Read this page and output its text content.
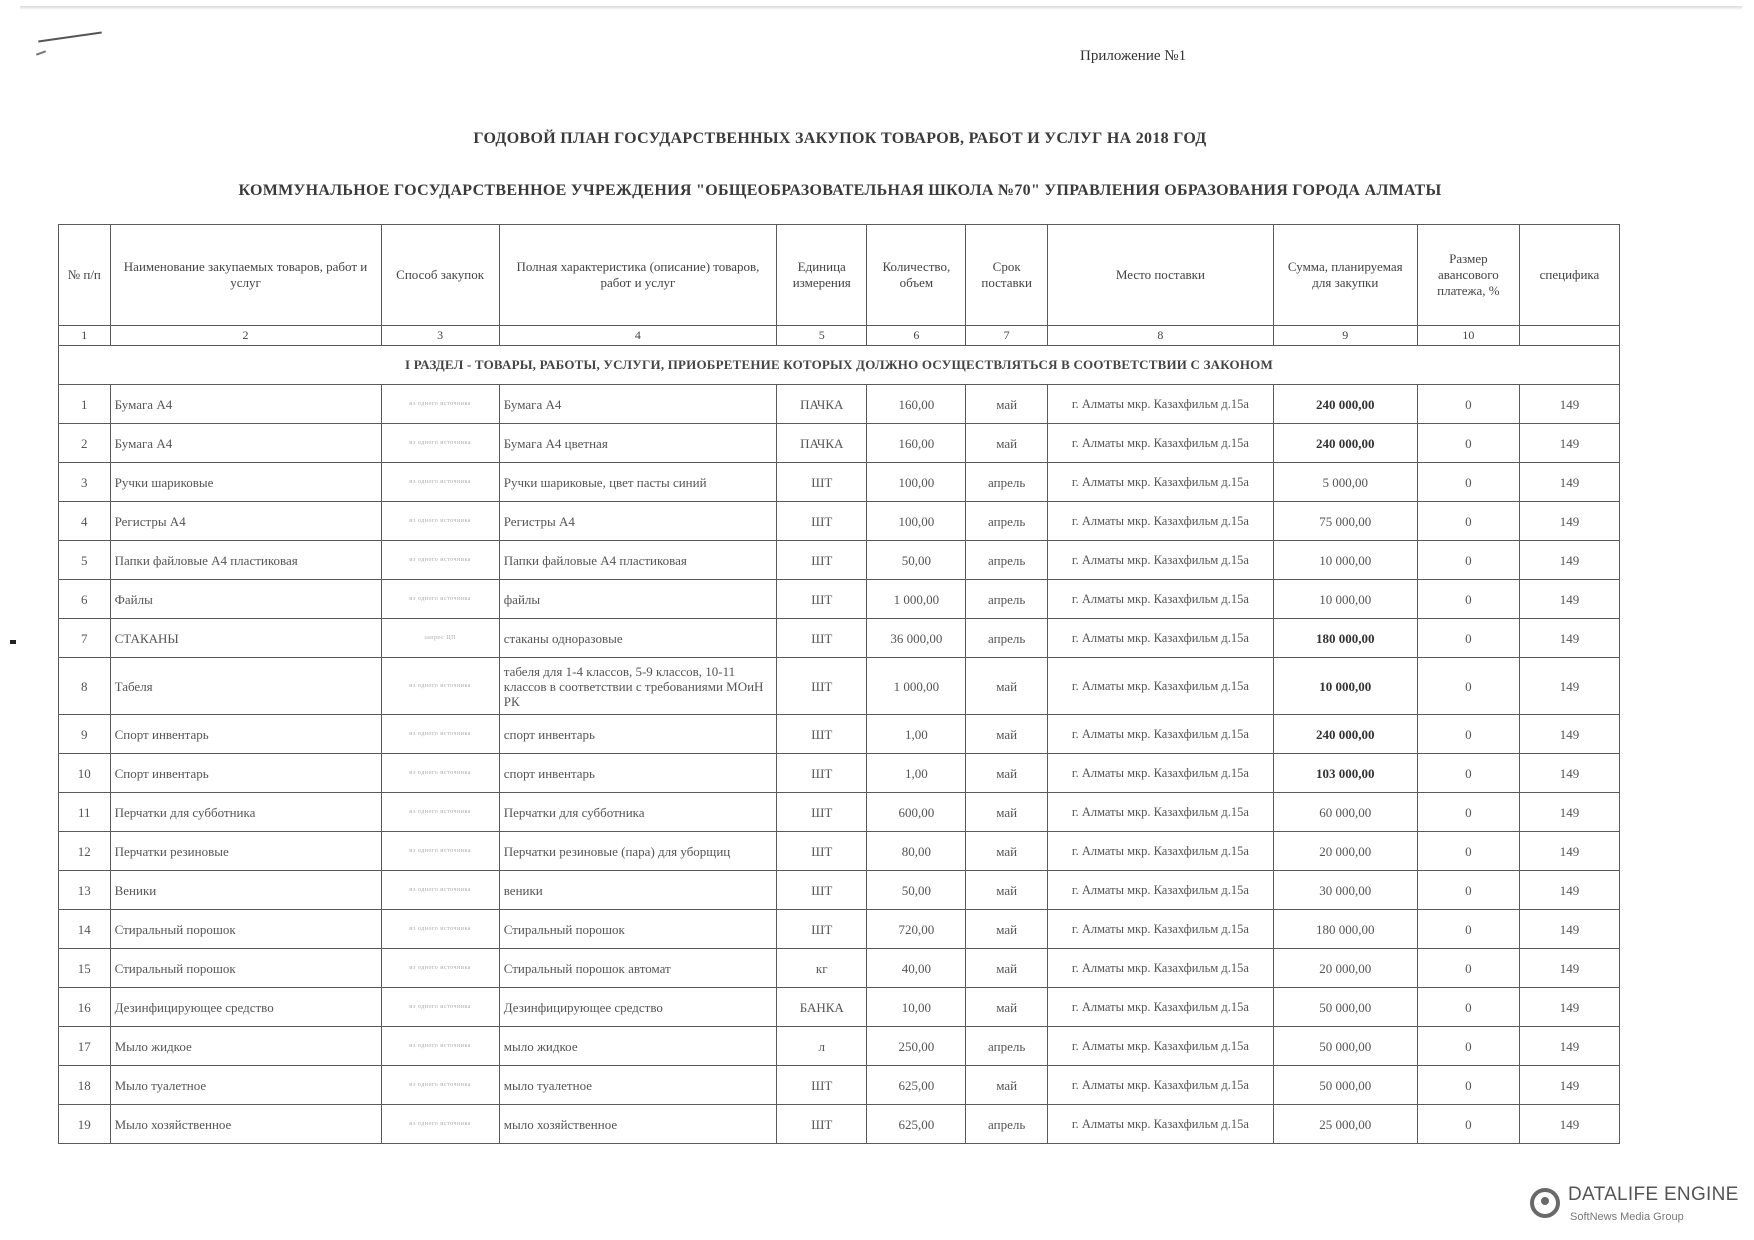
Приложение №1
ГОДОВОЙ ПЛАН ГОСУДАРСТВЕННЫХ ЗАКУПОК ТОВАРОВ, РАБОТ И УСЛУГ НА 2018 ГОД
КОММУНАЛЬНОЕ ГОСУДАРСТВЕННОЕ УЧРЕЖДЕНИЯ "ОБЩЕОБРАЗОВАТЕЛЬНАЯ ШКОЛА №70" УПРАВЛЕНИЯ ОБРАЗОВАНИЯ ГОРОДА АЛМАТЫ
№ п/п	Наименование закупаемых товаров, работ и услуг	Способ закупок	Полная характеристика (описание) товаров, работ и услуг	Единица измерения	Количество, объем	Срок поставки	Место поставки	Сумма, планируемая для закупки	Размер авансового платежа, %	специфика
1	2	3	4	5	6	7	8	9	10	
I РАЗДЕЛ - ТОВАРЫ, РАБОТЫ, УСЛУГИ, ПРИОБРЕТЕНИЕ КОТОРЫХ ДОЛЖНО ОСУЩЕСТВЛЯТЬСЯ В СООТВЕТСТВИИ С ЗАКОНОМ										
1	Бумага А4	из одного источника	Бумага А4	ПАЧКА	160,00	май	г. Алматы мкр. Казахфильм д.15а	240 000,00	0	149
2	Бумага А4	из одного источника	Бумага А4 цветная	ПАЧКА	160,00	май	г. Алматы мкр. Казахфильм д.15а	240 000,00	0	149
3	Ручки шариковые	из одного источника	Ручки шариковые, цвет пасты синий	ШТ	100,00	апрель	г. Алматы мкр. Казахфильм д.15а	5 000,00	0	149
4	Регистры А4	из одного источника	Регистры А4	ШТ	100,00	апрель	г. Алматы мкр. Казахфильм д.15а	75 000,00	0	149
5	Папки файловые А4 пластиковая	из одного источника	Папки файловые А4 пластиковая	ШТ	50,00	апрель	г. Алматы мкр. Казахфильм д.15а	10 000,00	0	149
6	Файлы	из одного источника	файлы	ШТ	1 000,00	апрель	г. Алматы мкр. Казахфильм д.15а	10 000,00	0	149
7	СТАКАНЫ	запрос ЦП	стаканы одноразовые	ШТ	36 000,00	апрель	г. Алматы мкр. Казахфильм д.15а	180 000,00	0	149
8	Табеля	из одного источника	табеля для 1-4 классов, 5-9 классов, 10-11 классов в соответствии с требованиями МОиН РК	ШТ	1 000,00	май	г. Алматы мкр. Казахфильм д.15а	10 000,00	0	149
9	Спорт инвентарь	из одного источника	спорт инвентарь	ШТ	1,00	май	г. Алматы мкр. Казахфильм д.15а	240 000,00	0	149
10	Спорт инвентарь	из одного источника	спорт инвентарь	ШТ	1,00	май	г. Алматы мкр. Казахфильм д.15а	103 000,00	0	149
11	Перчатки для субботника	из одного источника	Перчатки для субботника	ШТ	600,00	май	г. Алматы мкр. Казахфильм д.15а	60 000,00	0	149
12	Перчатки резиновые	из одного источника	Перчатки резиновые (пара) для уборщиц	ШТ	80,00	май	г. Алматы мкр. Казахфильм д.15а	20 000,00	0	149
13	Веники	из одного источника	веники	ШТ	50,00	май	г. Алматы мкр. Казахфильм д.15а	30 000,00	0	149
14	Стиральный порошок	из одного источника	Стиральный порошок	ШТ	720,00	май	г. Алматы мкр. Казахфильм д.15а	180 000,00	0	149
15	Стиральный порошок	из одного источника	Стиральный порошок автомат	кг	40,00	май	г. Алматы мкр. Казахфильм д.15а	20 000,00	0	149
16	Дезинфицирующее средство	из одного источника	Дезинфицирующее средство	БАНКА	10,00	май	г. Алматы мкр. Казахфильм д.15а	50 000,00	0	149
17	Мыло жидкое	из одного источника	мыло жидкое	л	250,00	апрель	г. Алматы мкр. Казахфильм д.15а	50 000,00	0	149
18	Мыло туалетное	из одного источника	мыло туалетное	ШТ	625,00	май	г. Алматы мкр. Казахфильм д.15а	50 000,00	0	149
19	Мыло хозяйственное	из одного источника	мыло хозяйственное	ШТ	625,00	апрель	г. Алматы мкр. Казахфильм д.15а	25 000,00	0	149
DATALIFE ENGINE
SoftNews Media Group
